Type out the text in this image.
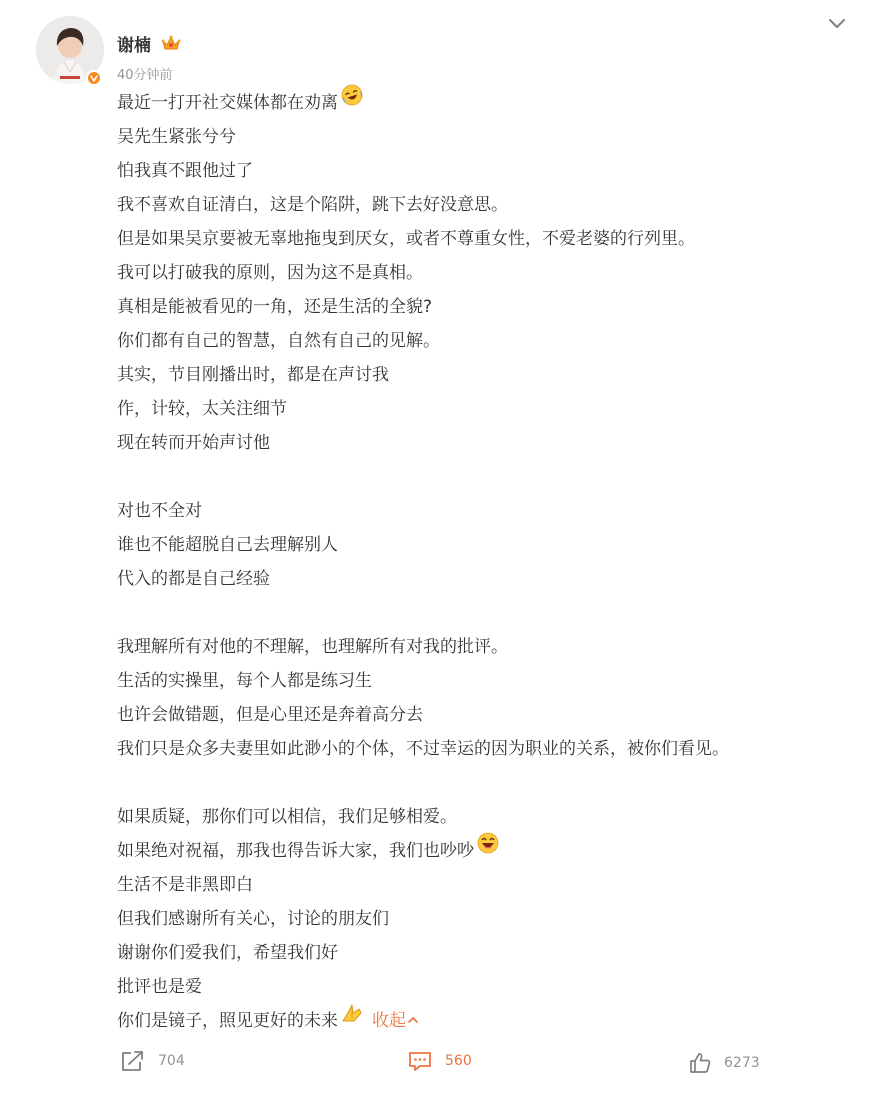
谢楠
40分钟前
最近一打开社交媒体都在劝离
吴先生紧张兮兮
怕我真不跟他过了
我不喜欢自证清白，这是个陷阱，跳下去好没意思。
但是如果吴京要被无辜地拖曳到厌女，或者不尊重女性，不爱老婆的行列里。
我可以打破我的原则，因为这不是真相。
真相是能被看见的一角，还是生活的全貌?
你们都有自己的智慧，自然有自己的见解。
其实，节目刚播出时，都是在声讨我
作，计较，太关注细节
现在转而开始声讨他
对也不全对
谁也不能超脱自己去理解别人
代入的都是自己经验
我理解所有对他的不理解，也理解所有对我的批评。
生活的实操里，每个人都是练习生
也许会做错题，但是心里还是奔着高分去
我们只是众多夫妻里如此渺小的个体，不过幸运的因为职业的关系，被你们看见。
如果质疑，那你们可以相信，我们足够相爱。
如果绝对祝福，那我也得告诉大家，我们也吵吵
生活不是非黑即白
但我们感谢所有关心，讨论的朋友们
谢谢你们爱我们，希望我们好
批评也是爱
你们是镜子，照见更好的未来 收起
704	560	6273
